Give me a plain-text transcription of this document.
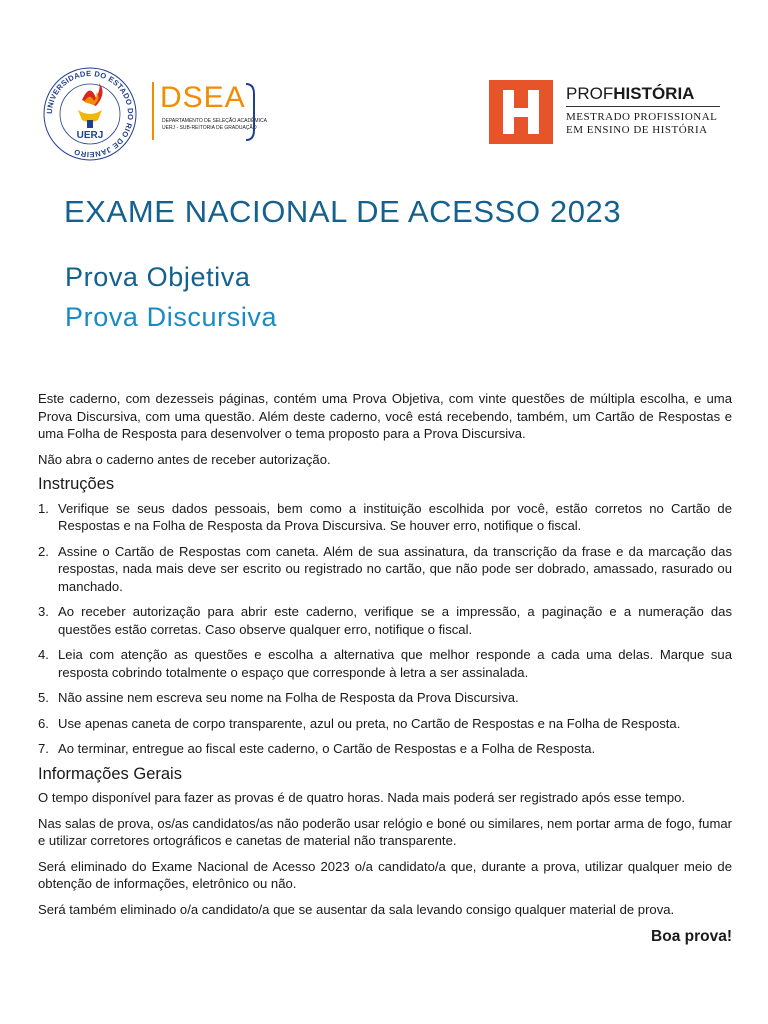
UNIVERSIDADE DO ESTADO DO RIO DE JANEIRO
UERJ
DSEA
DEPARTAMENTO DE SELEÇÃO ACADÊMICA
UERJ - SUB-REITORIA DE GRADUAÇÃO
PROFHISTÓRIA
MESTRADO PROFISSIONAL
EM ENSINO DE HISTÓRIA
EXAME NACIONAL DE ACESSO 2023
Prova Objetiva
Prova Discursiva

Este caderno, com dezesseis páginas, contém uma Prova Objetiva, com vinte questões de múltipla escolha, e uma Prova Discursiva, com uma questão. Além deste caderno, você está recebendo, também, um Cartão de Respostas e uma Folha de Resposta para desenvolver o tema proposto para a Prova Discursiva.

Não abra o caderno antes de receber autorização.

Instruções
1. Verifique se seus dados pessoais, bem como a instituição escolhida por você, estão corretos no Cartão de Respostas e na Folha de Resposta da Prova Discursiva. Se houver erro, notifique o fiscal.
2. Assine o Cartão de Respostas com caneta. Além de sua assinatura, da transcrição da frase e da marcação das respostas, nada mais deve ser escrito ou registrado no cartão, que não pode ser dobrado, amassado, rasurado ou manchado.
3. Ao receber autorização para abrir este caderno, verifique se a impressão, a paginação e a numeração das questões estão corretas. Caso observe qualquer erro, notifique o fiscal.
4. Leia com atenção as questões e escolha a alternativa que melhor responde a cada uma delas. Marque sua resposta cobrindo totalmente o espaço que corresponde à letra a ser assinalada.
5. Não assine nem escreva seu nome na Folha de Resposta da Prova Discursiva.
6. Use apenas caneta de corpo transparente, azul ou preta, no Cartão de Respostas e na Folha de Resposta.
7. Ao terminar, entregue ao fiscal este caderno, o Cartão de Respostas e a Folha de Resposta.
Informações Gerais

O tempo disponível para fazer as provas é de quatro horas. Nada mais poderá ser registrado após esse tempo.

Nas salas de prova, os/as candidatos/as não poderão usar relógio e boné ou similares, nem portar arma de fogo, fumar e utilizar corretores ortográficos e canetas de material não transparente.

Será eliminado do Exame Nacional de Acesso 2023 o/a candidato/a que, durante a prova, utilizar qualquer meio de obtenção de informações, eletrônico ou não.

Será também eliminado o/a candidato/a que se ausentar da sala levando consigo qualquer material de prova.

Boa prova!
